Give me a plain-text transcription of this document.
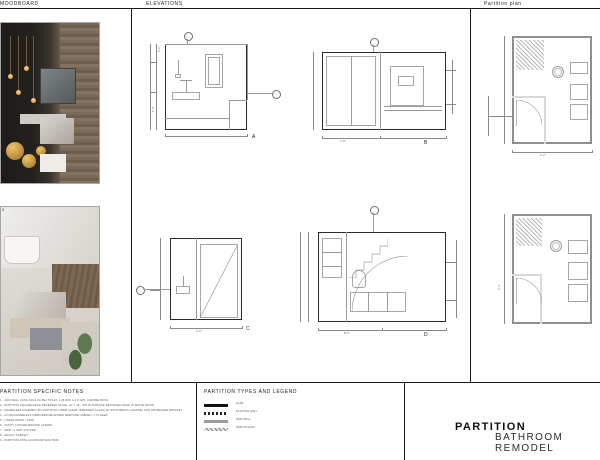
MOODBOARD	ELEVATIONS	Partition plan
1
2
2'-0"
1'-4"
A
7'-8"	B
2'-6"	C
8'-0"	D
4'-2"
5'-4"
PARTITION SPECIFIC NOTES
1 - 1200 WALL HUNG DUAL FLUSH TOILET, 1.28 GPF & 0.9 GPF, CHROME BOWL
2 - PARTITION SQUARE-EDGE RECESSED NICHE, 14" x 14", SOLID SURFACE RETURNED EDGE IN MATTE WHITE
3 - FRAMELESS ASSEMBLY BY PARTITION (10MM CLEAR TEMPERED GLASS) W/ SATIN BRASS CHANNEL AND 180 DEGREE BRACKET
4 - FLUSH FRAMELESS MIRRORED RECESSED MEDICINE CABINET, 1.75 DEEP
5 - LINEAR DRAIN / TRAP
6 - VANITY FIXTURE BRONZE CARVED
7 - VENT / LIGHT FIXTURE
8 - HEIGHT CABINET
9 - PARTITION WITH ALUMINUM SLIM TRIM
PARTITION TYPES AND LEGEND
SLAB
EXISTING WALL
NEW WALL
NEW PILLARS	PARTITION
BATHROOM REMODEL
